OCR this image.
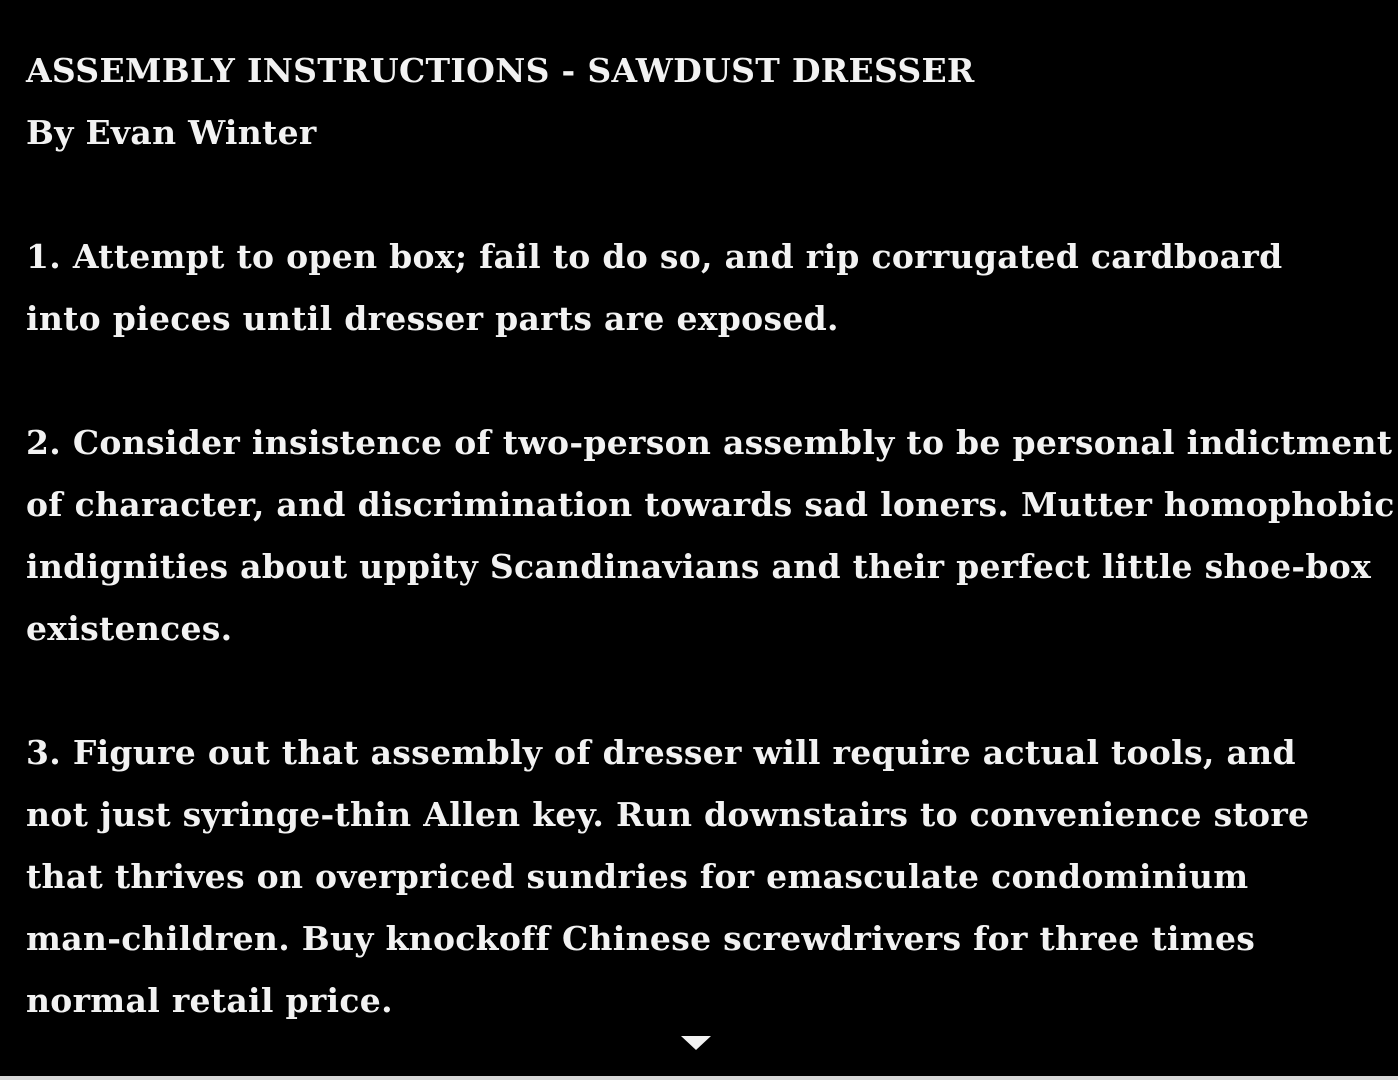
ASSEMBLY INSTRUCTIONS - SAWDUST DRESSER
By Evan Winter
1. Attempt to open box; fail to do so, and rip corrugated cardboard
into pieces until dresser parts are exposed.
2. Consider insistence of two-person assembly to be personal indictment
of character, and discrimination towards sad loners. Mutter homophobic
indignities about uppity Scandinavians and their perfect little shoe-box
existences.
3. Figure out that assembly of dresser will require actual tools, and
not just syringe-thin Allen key. Run downstairs to convenience store
that thrives on overpriced sundries for emasculate condominium
man-children. Buy knockoff Chinese screwdrivers for three times
normal retail price.
